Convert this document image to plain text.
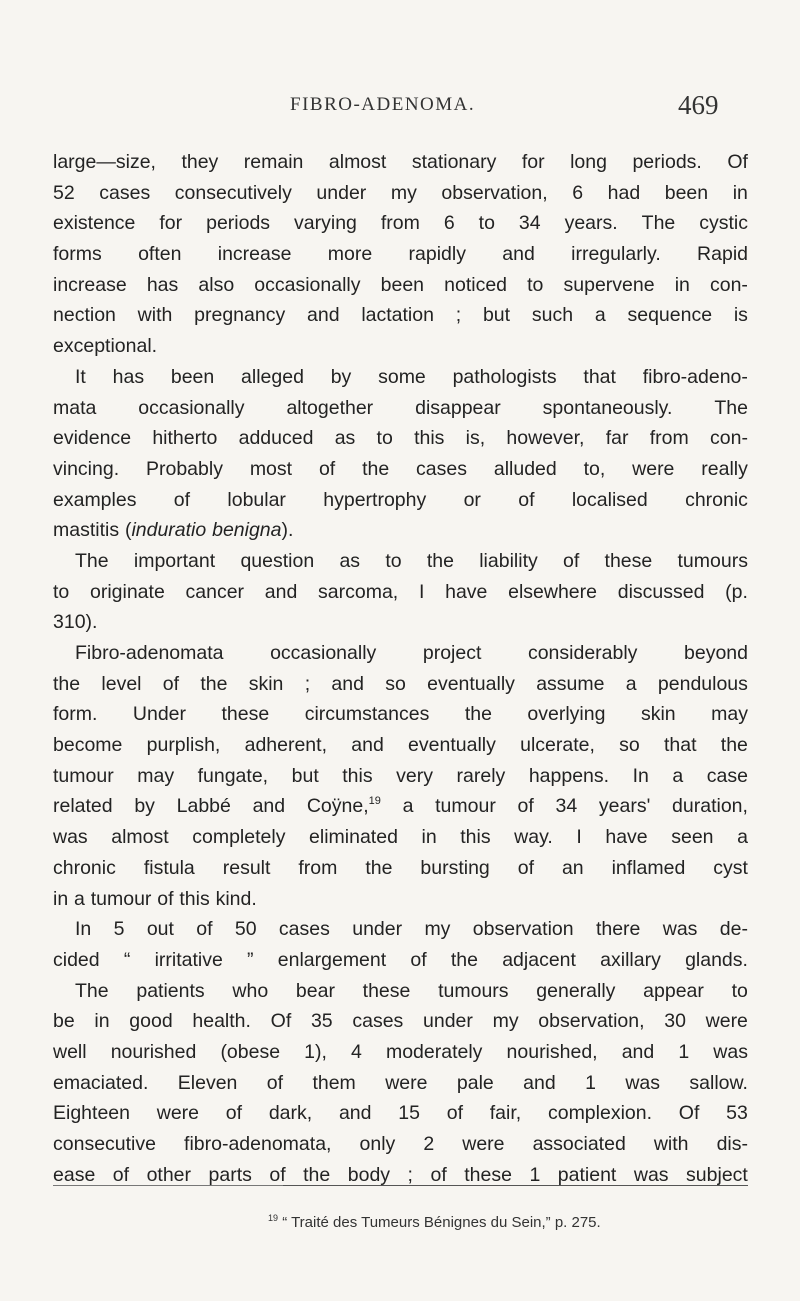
FIBRO-ADENOMA.	469
large—size, they remain almost stationary for long periods. Of
52 cases consecutively under my observation, 6 had been in
existence for periods varying from 6 to 34 years. The cystic
forms often increase more rapidly and irregularly. Rapid
increase has also occasionally been noticed to supervene in con-
nection with pregnancy and lactation ; but such a sequence is
exceptional.
It has been alleged by some pathologists that fibro-adeno-
mata occasionally altogether disappear spontaneously. The
evidence hitherto adduced as to this is, however, far from con-
vincing. Probably most of the cases alluded to, were really
examples of lobular hypertrophy or of localised chronic
mastitis (induratio benigna).
The important question as to the liability of these tumours
to originate cancer and sarcoma, I have elsewhere discussed (p.
310).
Fibro-adenomata occasionally project considerably beyond
the level of the skin ; and so eventually assume a pendulous
form. Under these circumstances the overlying skin may
become purplish, adherent, and eventually ulcerate, so that the
tumour may fungate, but this very rarely happens. In a case
related by Labbé and Coÿne,$^{19}$ a tumour of 34 years' duration,
was almost completely eliminated in this way. I have seen a
chronic fistula result from the bursting of an inflamed cyst
in a tumour of this kind.
In 5 out of 50 cases under my observation there was de-
cided “ irritative ” enlargement of the adjacent axillary glands.
The patients who bear these tumours generally appear to
be in good health. Of 35 cases under my observation, 30 were
well nourished (obese 1), 4 moderately nourished, and 1 was
emaciated. Eleven of them were pale and 1 was sallow.
Eighteen were of dark, and 15 of fair, complexion. Of 53
consecutive fibro-adenomata, only 2 were associated with dis-
ease of other parts of the body ; of these 1 patient was subject
$^{19}$ “ Traité des Tumeurs Bénignes du Sein,” p. 275.
